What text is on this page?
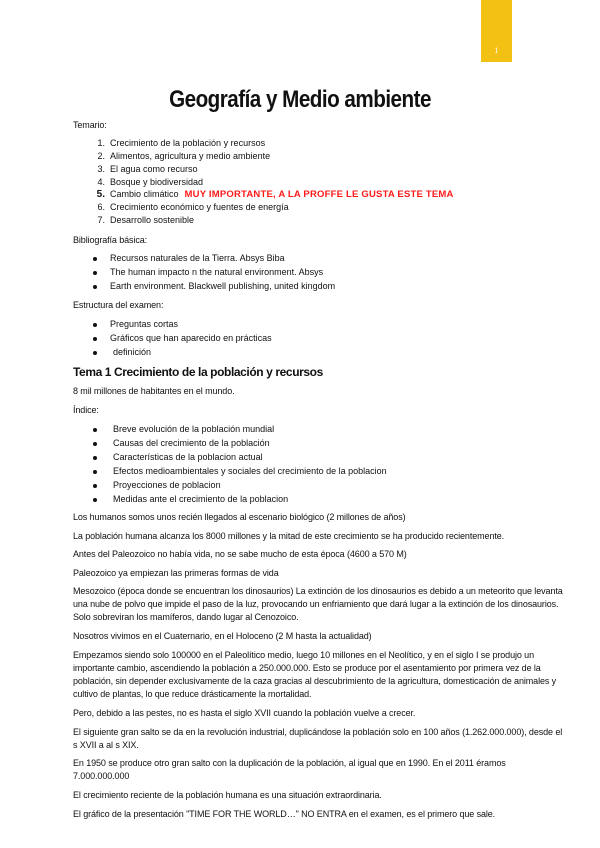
1
Geografía y Medio ambiente
Temario:
1. Crecimiento de la población y recursos
2. Alimentos, agricultura y medio ambiente
3. El agua como recurso
4. Bosque y biodiversidad
5. Cambio climático MUY IMPORTANTE, A LA PROFFE LE GUSTA ESTE TEMA
6. Crecimiento económico y fuentes de energía
7. Desarrollo sostenible
Bibliografía básica:
Recursos naturales de la Tierra. Absys Biba
The human impacto n the natural environment. Absys
Earth environment. Blackwell publishing, united kingdom
Estructura del examen:
Preguntas cortas
Gráficos que han aparecido en prácticas
definición
Tema 1 Crecimiento de la población y recursos
8 mil millones de habitantes en el mundo.
Índice:
Breve evolución de la población mundial
Causas del crecimiento de la población
Características de la poblacion actual
Efectos medioambientales y sociales del crecimiento de la poblacion
Proyecciones de poblacion
Medidas ante el crecimiento de la poblacion
Los humanos somos unos recién llegados al escenario biológico (2 millones de años)
La población humana alcanza los 8000 millones y la mitad de este crecimiento se ha producido recientemente.
Antes del Paleozoico no había vida, no se sabe mucho de esta época (4600 a 570 M)
Paleozoico ya empiezan las primeras formas de vida
Mesozoico (época donde se encuentran los dinosaurios) La extinción de los dinosaurios es debido a un meteorito que levanta una nube de polvo que impide el paso de la luz, provocando un enfriamiento que dará lugar a la extinción de los dinosaurios. Solo sobreviran los mamíferos, dando lugar al Cenozoico.
Nosotros vivimos en el Cuaternario, en el Holoceno (2 M hasta la actualidad)
Empezamos siendo solo 100000 en el Paleolítico medio, luego 10 millones en el Neolítico, y en el siglo I se produjo un importante cambio, ascendiendo la población a 250.000.000. Esto se produce por el asentamiento por primera vez de la población, sin depender exclusivamente de la caza gracias al descubrimiento de la agricultura, domesticación de animales y cultivo de plantas, lo que reduce drásticamente la mortalidad.
Pero, debido a las pestes, no es hasta el siglo XVII cuando la población vuelve a crecer.
El siguiente gran salto se da en la revolución industrial, duplicándose la población solo en 100 años (1.262.000.000), desde el s XVII a al s XIX.
En 1950 se produce otro gran salto con la duplicación de la población, al igual que en 1990. En el 2011 éramos 7.000.000.000
El crecimiento reciente de la población humana es una situación extraordinaria.
El gráfico de la presentación "TIME FOR THE WORLD…" NO ENTRA en el examen, es el primero que sale.
